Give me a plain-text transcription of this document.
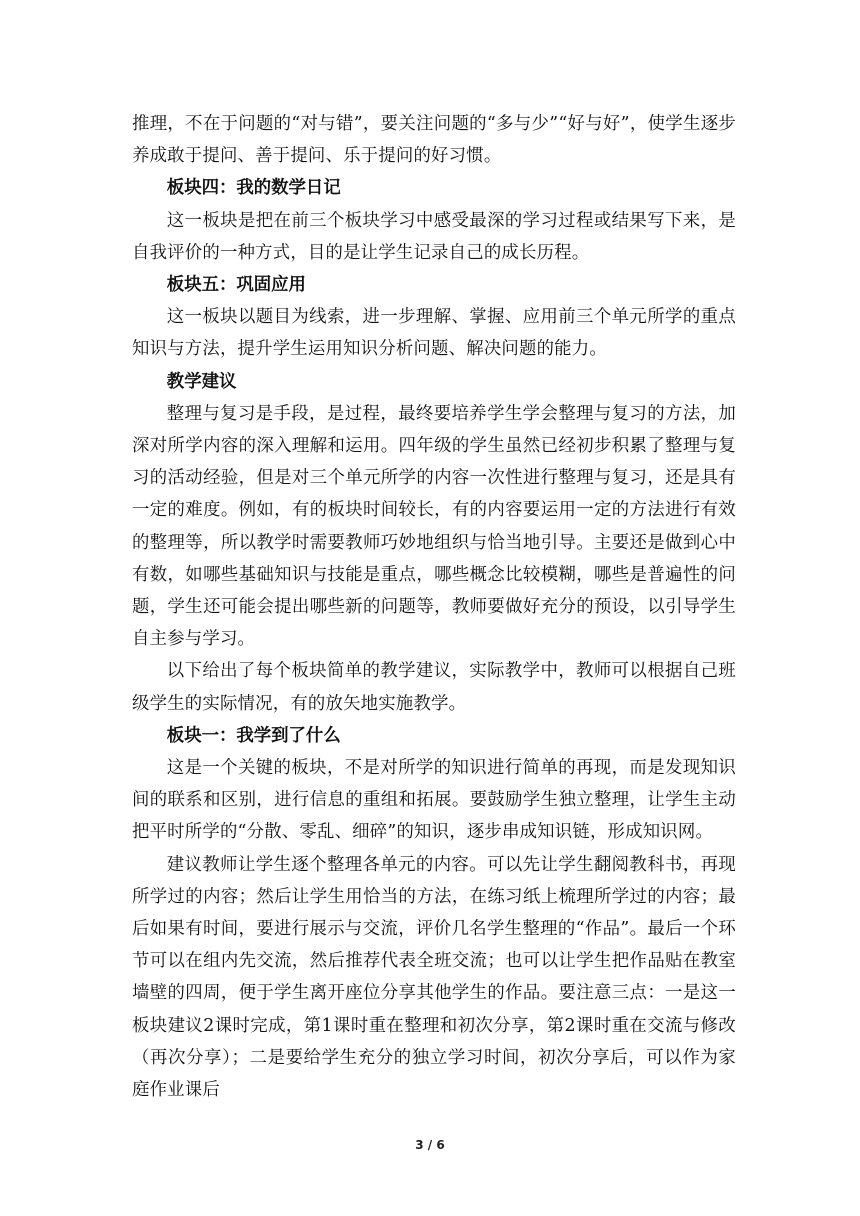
推理，不在于问题的“对与错”，要关注问题的“多与少”“好与好”，使学生逐步养成敢于提问、善于提问、乐于提问的好习惯。

板块四：我的数学日记

这一板块是把在前三个板块学习中感受最深的学习过程或结果写下来，是自我评价的一种方式，目的是让学生记录自己的成长历程。

板块五：巩固应用

这一板块以题目为线索，进一步理解、掌握、应用前三个单元所学的重点知识与方法，提升学生运用知识分析问题、解决问题的能力。

教学建议

整理与复习是手段，是过程，最终要培养学生学会整理与复习的方法，加深对所学内容的深入理解和运用。四年级的学生虽然已经初步积累了整理与复习的活动经验，但是对三个单元所学的内容一次性进行整理与复习，还是具有一定的难度。例如，有的板块时间较长，有的内容要运用一定的方法进行有效的整理等，所以教学时需要教师巧妙地组织与恰当地引导。主要还是做到心中有数，如哪些基础知识与技能是重点，哪些概念比较模糊，哪些是普遍性的问题，学生还可能会提出哪些新的问题等，教师要做好充分的预设，以引导学生自主参与学习。

以下给出了每个板块简单的教学建议，实际教学中，教师可以根据自己班级学生的实际情况，有的放矢地实施教学。

板块一：我学到了什么

这是一个关键的板块，不是对所学的知识进行简单的再现，而是发现知识间的联系和区别，进行信息的重组和拓展。要鼓励学生独立整理，让学生主动把平时所学的“分散、零乱、细碎”的知识，逐步串成知识链，形成知识网。

建议教师让学生逐个整理各单元的内容。可以先让学生翻阅教科书，再现所学过的内容；然后让学生用恰当的方法，在练习纸上梳理所学过的内容；最后如果有时间，要进行展示与交流，评价几名学生整理的“作品”。最后一个环节可以在组内先交流，然后推荐代表全班交流；也可以让学生把作品贴在教室墙壁的四周，便于学生离开座位分享其他学生的作品。要注意三点：一是这一板块建议2课时完成，第1课时重在整理和初次分享，第2课时重在交流与修改（再次分享）；二是要给学生充分的独立学习时间，初次分享后，可以作为家庭作业课后

3 / 6
